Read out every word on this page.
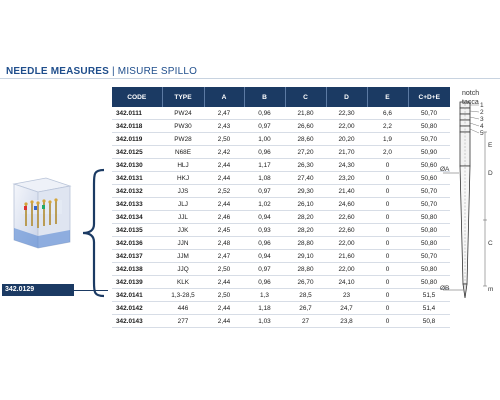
NEEDLE MEASURES | MISURE SPILLO
CODE	TYPE	A	B	C	D	E	C+D+E
342.0111	PW24	2,47	0,96	21,80	22,30	6,6	50,70
342.0118	PW30	2,43	0,97	26,60	22,00	2,2	50,80
342.0119	PW28	2,50	1,00	28,60	20,20	1,9	50,70
342.0125	N68E	2,42	0,96	27,20	21,70	2,0	50,90
342.0130	HLJ	2,44	1,17	26,30	24,30	0	50,60
342.0131	HKJ	2,44	1,08	27,40	23,20	0	50,60
342.0132	JJS	2,52	0,97	29,30	21,40	0	50,70
342.0133	JLJ	2,44	1,02	26,10	24,60	0	50,70
342.0134	JJL	2,46	0,94	28,20	22,60	0	50,80
342.0135	JJK	2,45	0,93	28,20	22,60	0	50,80
342.0136	JJN	2,48	0,96	28,80	22,00	0	50,80
342.0137	JJM	2,47	0,94	29,10	21,60	0	50,70
342.0138	JJQ	2,50	0,97	28,80	22,00	0	50,80
342.0139	KLK	2,44	0,96	26,70	24,10	0	50,80
342.0141	1,3-28,5	2,50	1,3	28,5	23	0	51,5
342.0142	446	2,44	1,18	26,7	24,7	0	51,4
342.0143	277	2,44	1,03	27	23,8	0	50,8
342.0129
notch
tacca 1
2
3
4
5
E
D
ØA
C
ØB	m
